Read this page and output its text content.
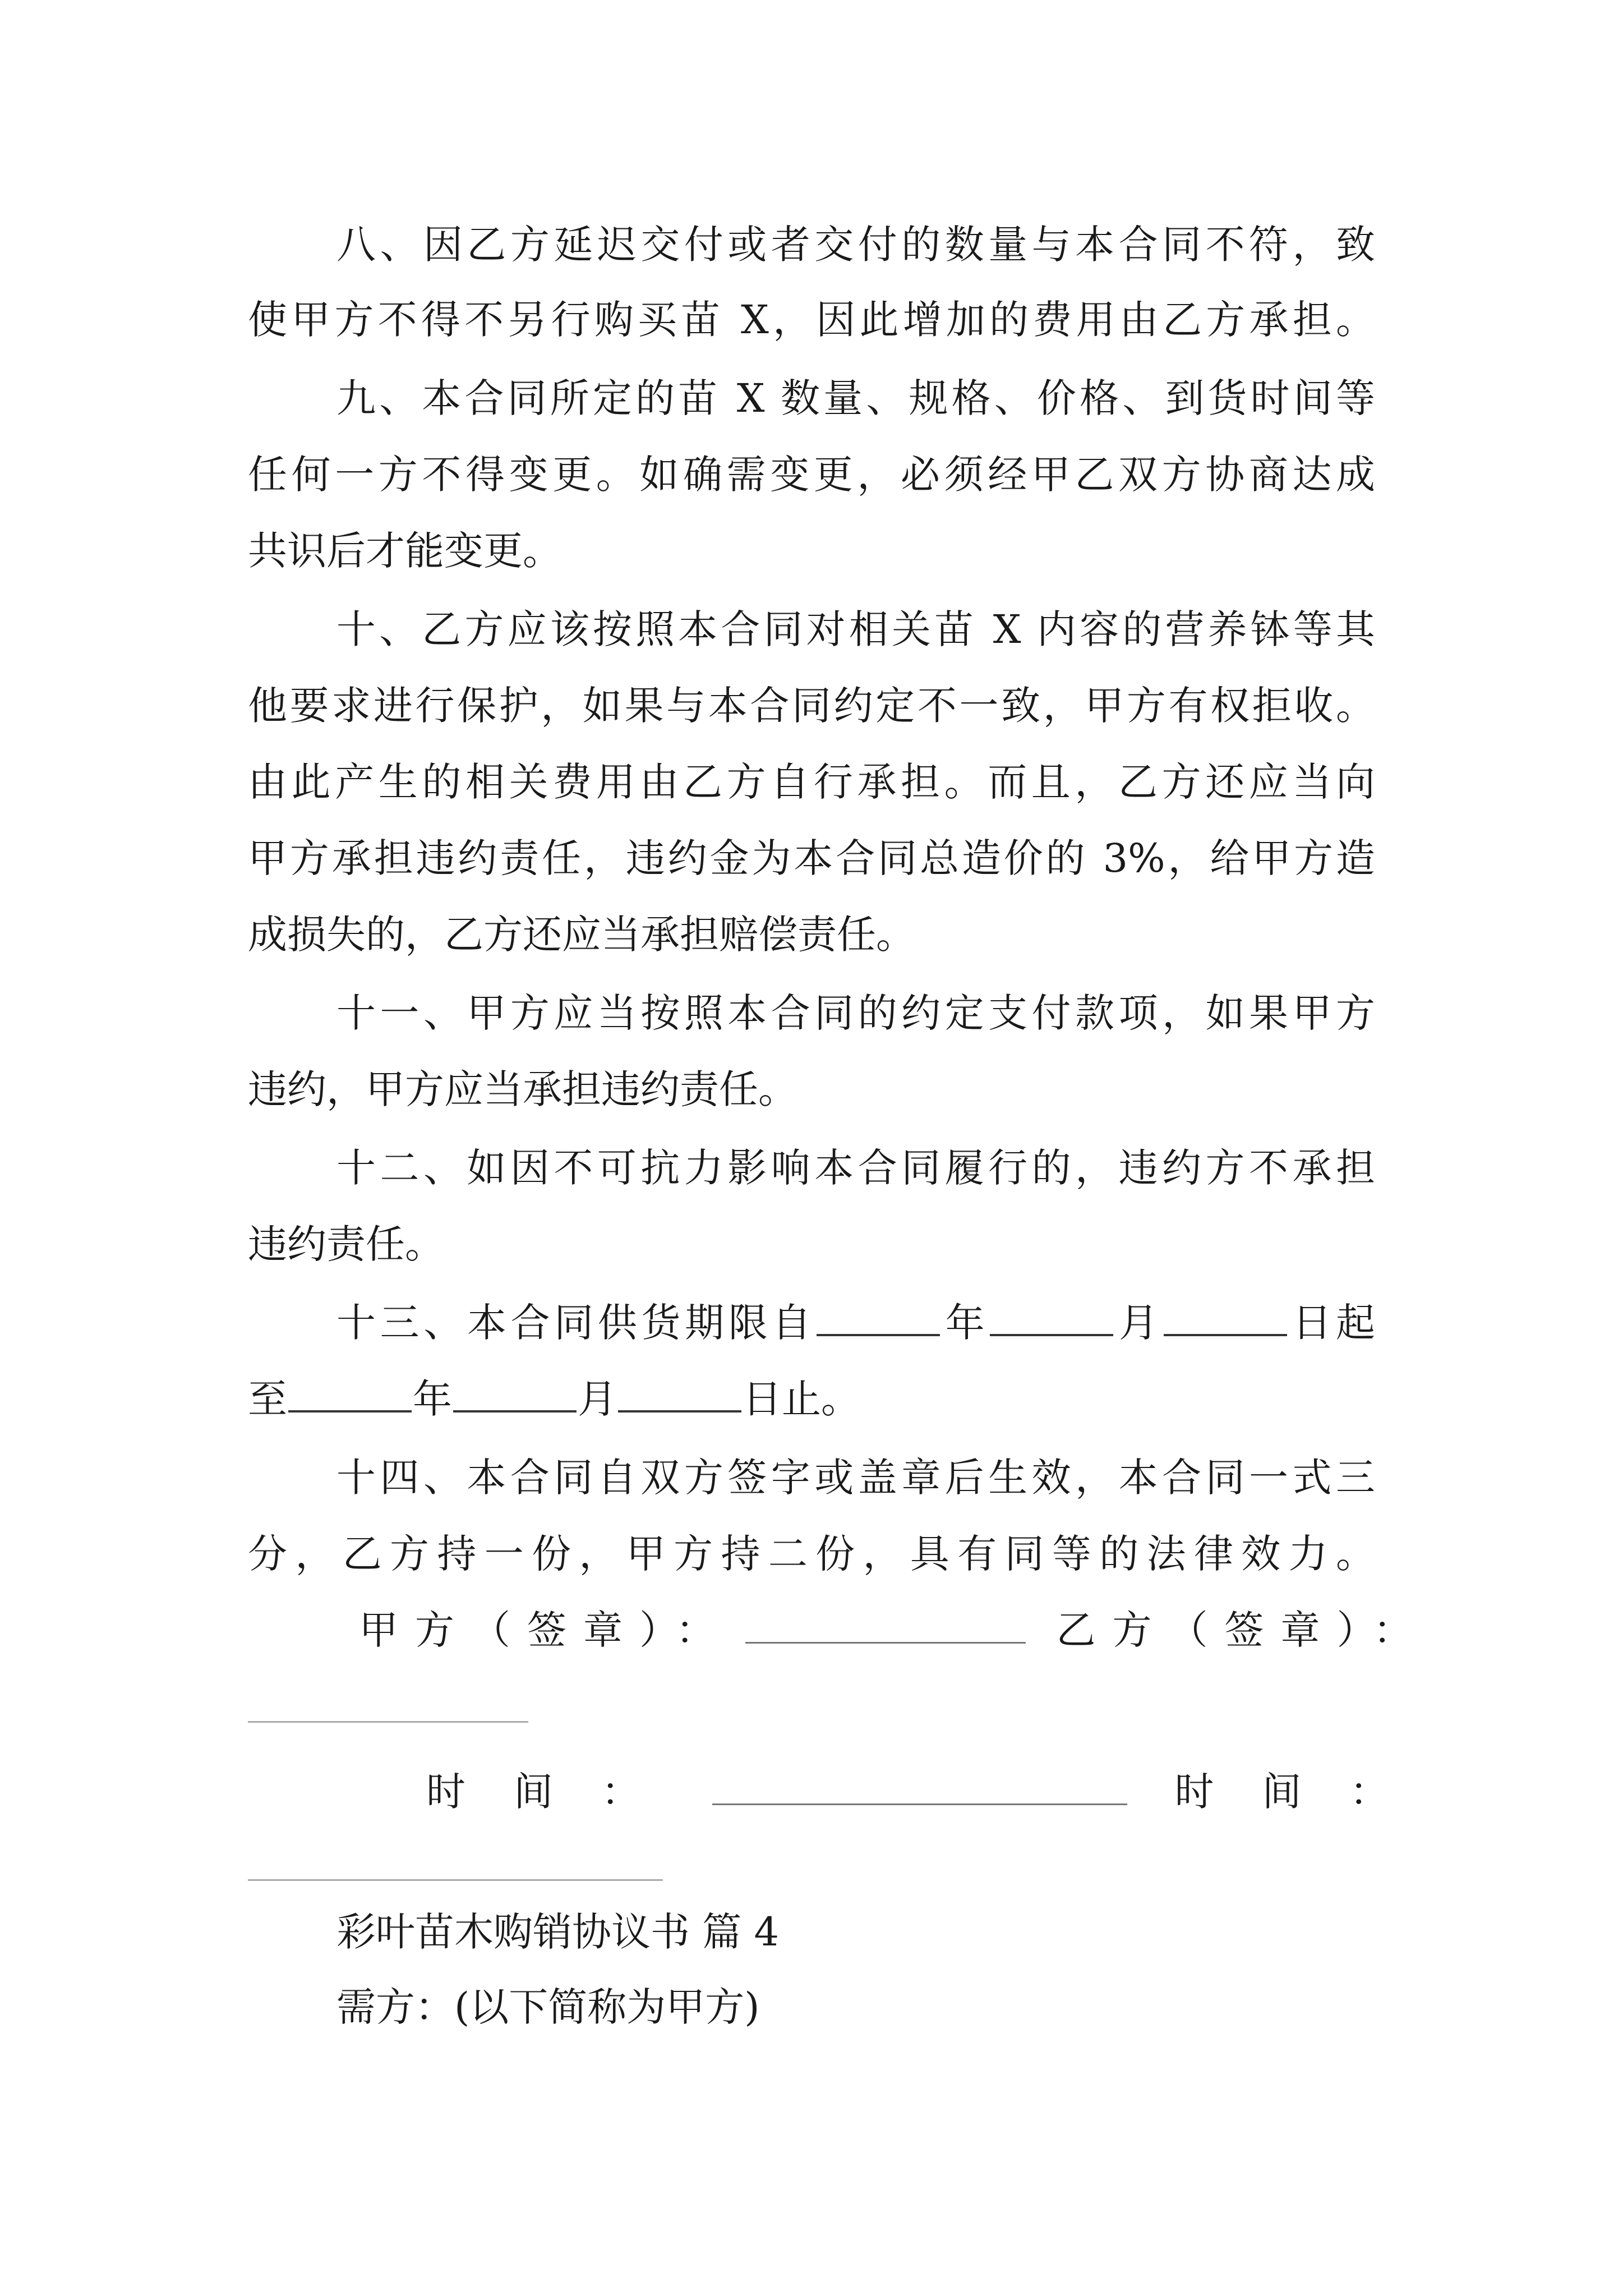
八、因乙方延迟交付或者交付的数量与本合同不符，致
使甲方不得不另行购买苗 X，因此增加的费用由乙方承担。
九、本合同所定的苗 X 数量、规格、价格、到货时间等
任何一方不得变更。如确需变更，必须经甲乙双方协商达成
共识后才能变更。
十、乙方应该按照本合同对相关苗 X 内容的营养钵等其
他要求进行保护，如果与本合同约定不一致，甲方有权拒收。
由此产生的相关费用由乙方自行承担。而且，乙方还应当向
甲方承担违约责任，违约金为本合同总造价的 3%，给甲方造
成损失的，乙方还应当承担赔偿责任。
十一、甲方应当按照本合同的约定支付款项，如果甲方
违约，甲方应当承担违约责任。
十二、如因不可抗力影响本合同履行的，违约方不承担
违约责任。
十三、本合同供货期限自	年	月	日起
至	年	月	日止。
十四、本合同自双方签字或盖章后生效，本合同一式三
分，乙方持一份，甲方持二份，具有同等的法律效力。
甲方（签章）：	乙方（签章）：
时间：	时间：
彩叶苗木购销协议书 篇 4
需方：(以下简称为甲方)
